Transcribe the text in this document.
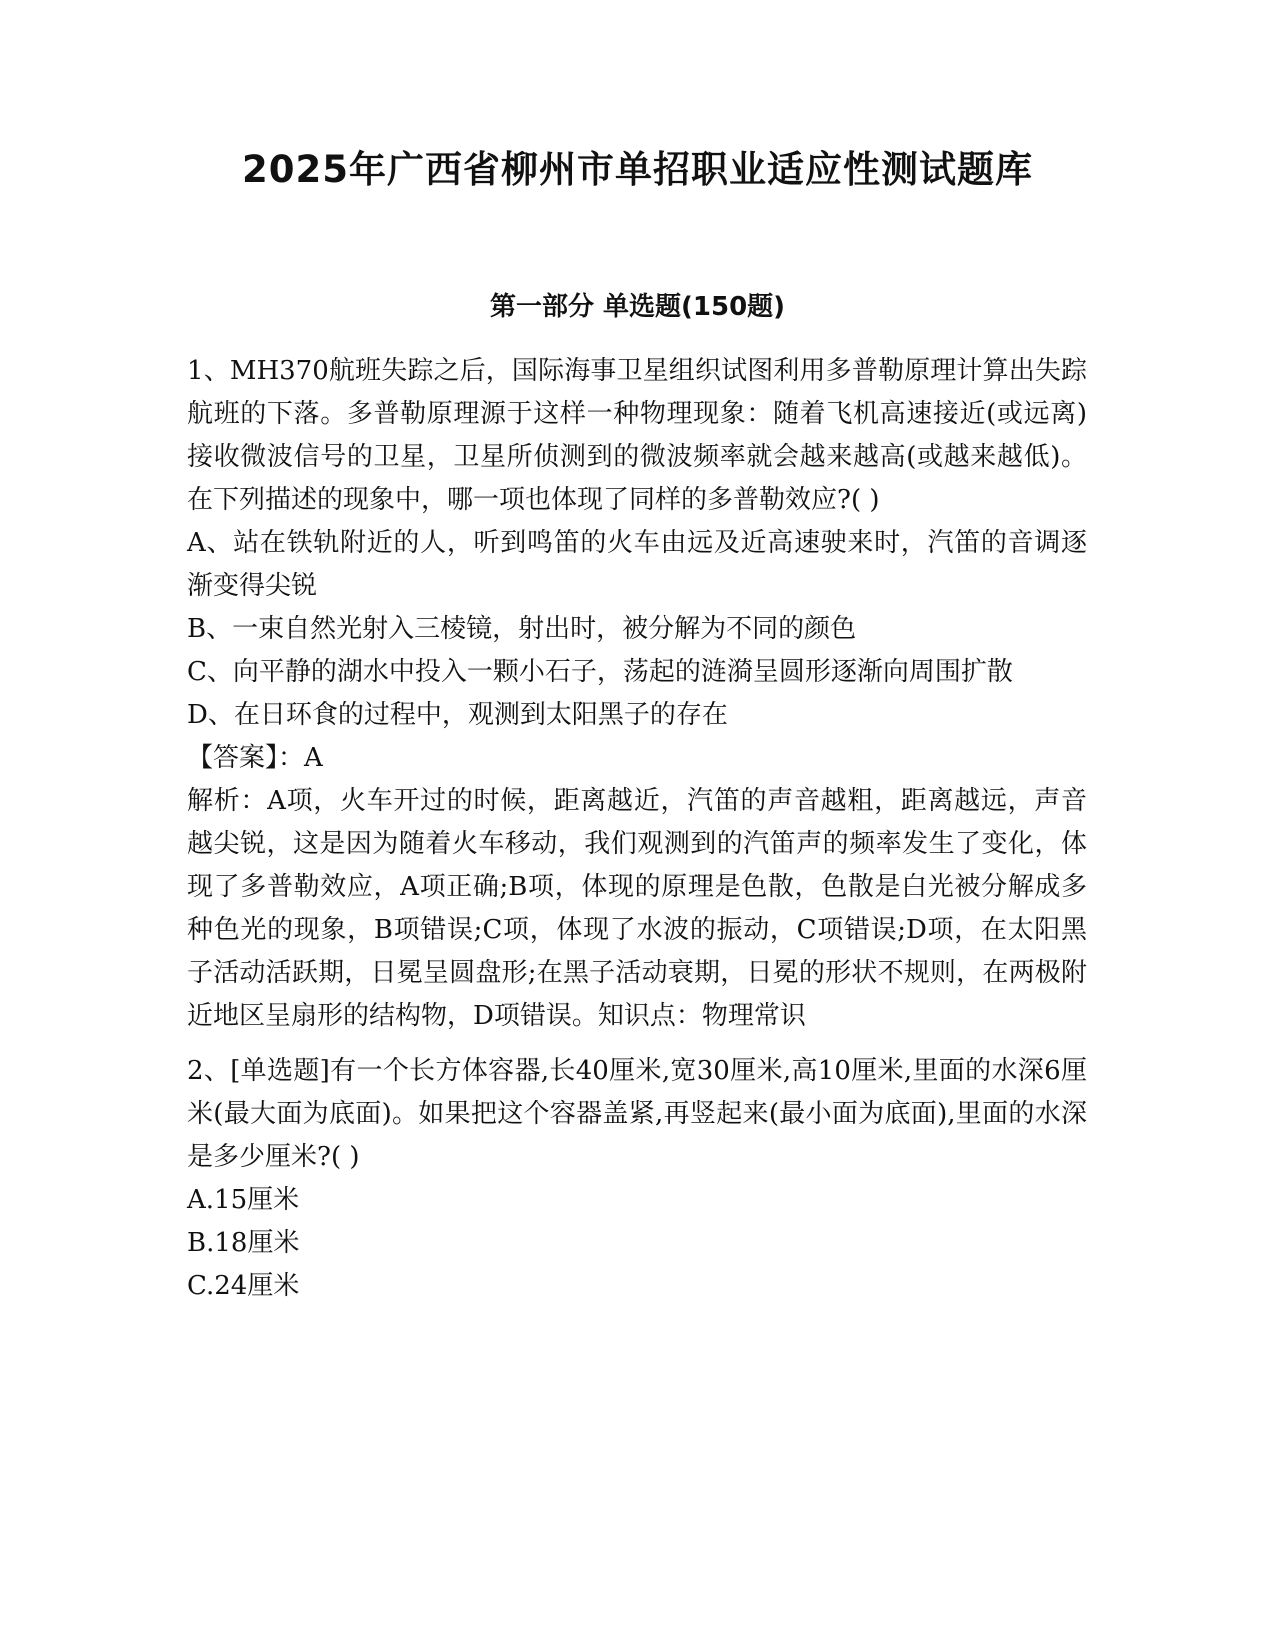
2025年广西省柳州市单招职业适应性测试题库
第一部分 单选题(150题)

1、MH370航班失踪之后，国际海事卫星组织试图利用多普勒原理计算出失踪航班的下落。多普勒原理源于这样一种物理现象：随着飞机高速接近(或远离)接收微波信号的卫星，卫星所侦测到的微波频率就会越来越高(或越来越低)。在下列描述的现象中，哪一项也体现了同样的多普勒效应?( )

A、站在铁轨附近的人，听到鸣笛的火车由远及近高速驶来时，汽笛的音调逐渐变得尖锐

B、一束自然光射入三棱镜，射出时，被分解为不同的颜色

C、向平静的湖水中投入一颗小石子，荡起的涟漪呈圆形逐渐向周围扩散

D、在日环食的过程中，观测到太阳黑子的存在

【答案】：A

解析：A项，火车开过的时候，距离越近，汽笛的声音越粗，距离越远，声音越尖锐，这是因为随着火车移动，我们观测到的汽笛声的频率发生了变化，体现了多普勒效应，A项正确;B项，体现的原理是色散，色散是白光被分解成多种色光的现象，B项错误;C项，体现了水波的振动，C项错误;D项，在太阳黑子活动活跃期，日冕呈圆盘形;在黑子活动衰期，日冕的形状不规则，在两极附近地区呈扇形的结构物，D项错误。知识点：物理常识

2、[单选题]有一个长方体容器,长40厘米,宽30厘米,高10厘米,里面的水深6厘米(最大面为底面)。如果把这个容器盖紧,再竖起来(最小面为底面),里面的水深是多少厘米?( )

A.15厘米

B.18厘米

C.24厘米
